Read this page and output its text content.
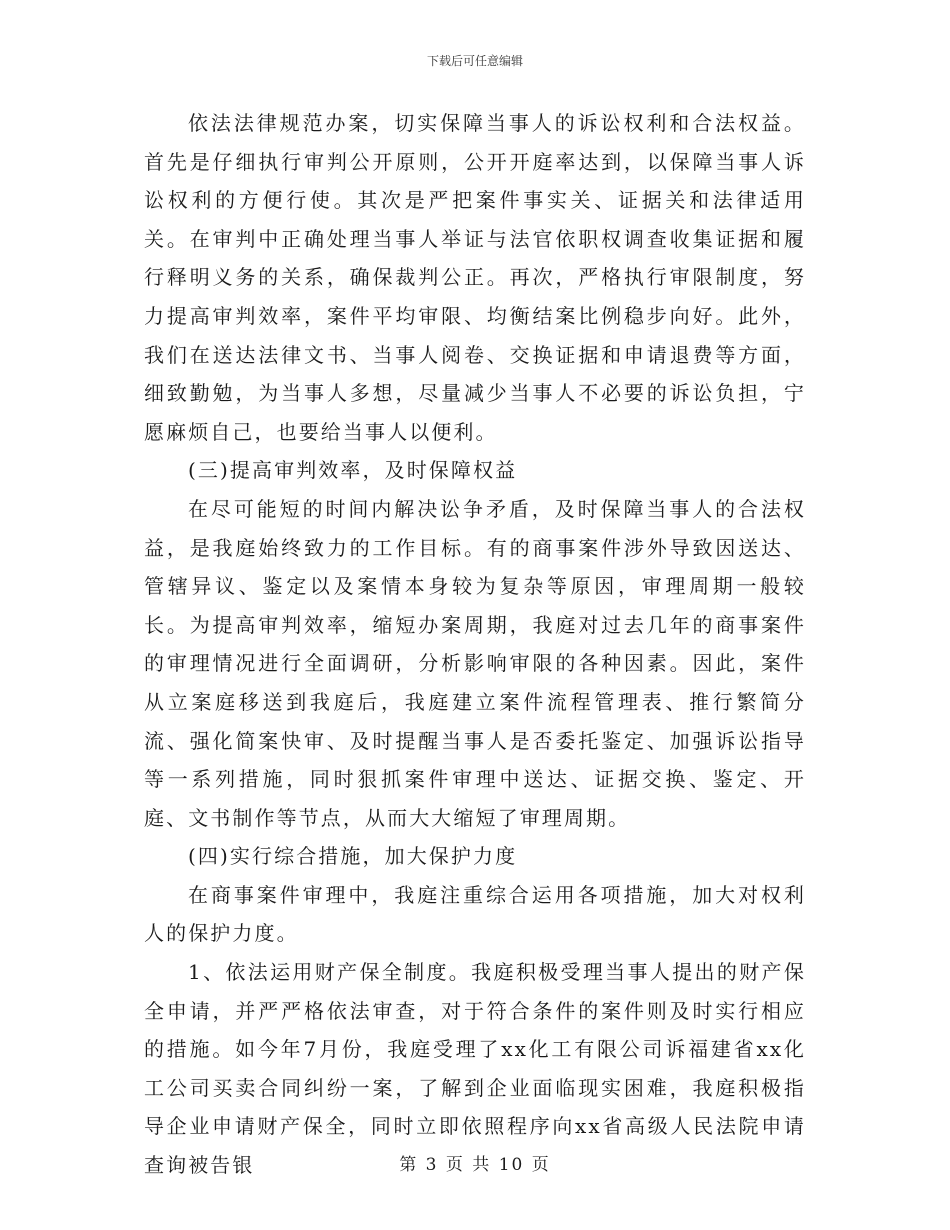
下载后可任意编辑

依法法律规范办案，切实保障当事人的诉讼权利和合法权益。首先是仔细执行审判公开原则，公开开庭率达到，以保障当事人诉讼权利的方便行使。其次是严把案件事实关、证据关和法律适用关。在审判中正确处理当事人举证与法官依职权调查收集证据和履行释明义务的关系，确保裁判公正。再次，严格执行审限制度，努力提高审判效率，案件平均审限、均衡结案比例稳步向好。此外，我们在送达法律文书、当事人阅卷、交换证据和申请退费等方面，细致勤勉，为当事人多想，尽量减少当事人不必要的诉讼负担，宁愿麻烦自己，也要给当事人以便利。

(三)提高审判效率，及时保障权益

在尽可能短的时间内解决讼争矛盾，及时保障当事人的合法权益，是我庭始终致力的工作目标。有的商事案件涉外导致因送达、管辖异议、鉴定以及案情本身较为复杂等原因，审理周期一般较长。为提高审判效率，缩短办案周期，我庭对过去几年的商事案件的审理情况进行全面调研，分析影响审限的各种因素。因此，案件从立案庭移送到我庭后，我庭建立案件流程管理表、推行繁简分流、强化简案快审、及时提醒当事人是否委托鉴定、加强诉讼指导等一系列措施，同时狠抓案件审理中送达、证据交换、鉴定、开庭、文书制作等节点，从而大大缩短了审理周期。

(四)实行综合措施，加大保护力度

在商事案件审理中，我庭注重综合运用各项措施，加大对权利人的保护力度。

1、依法运用财产保全制度。我庭积极受理当事人提出的财产保全申请，并严严格依法审查，对于符合条件的案件则及时实行相应的措施。如今年7月份，我庭受理了xx化工有限公司诉福建省xx化工公司买卖合同纠纷一案，了解到企业面临现实困难，我庭积极指导企业申请财产保全，同时立即依照程序向xx省高级人民法院申请查询被告银	第 3 页 共 10 页
